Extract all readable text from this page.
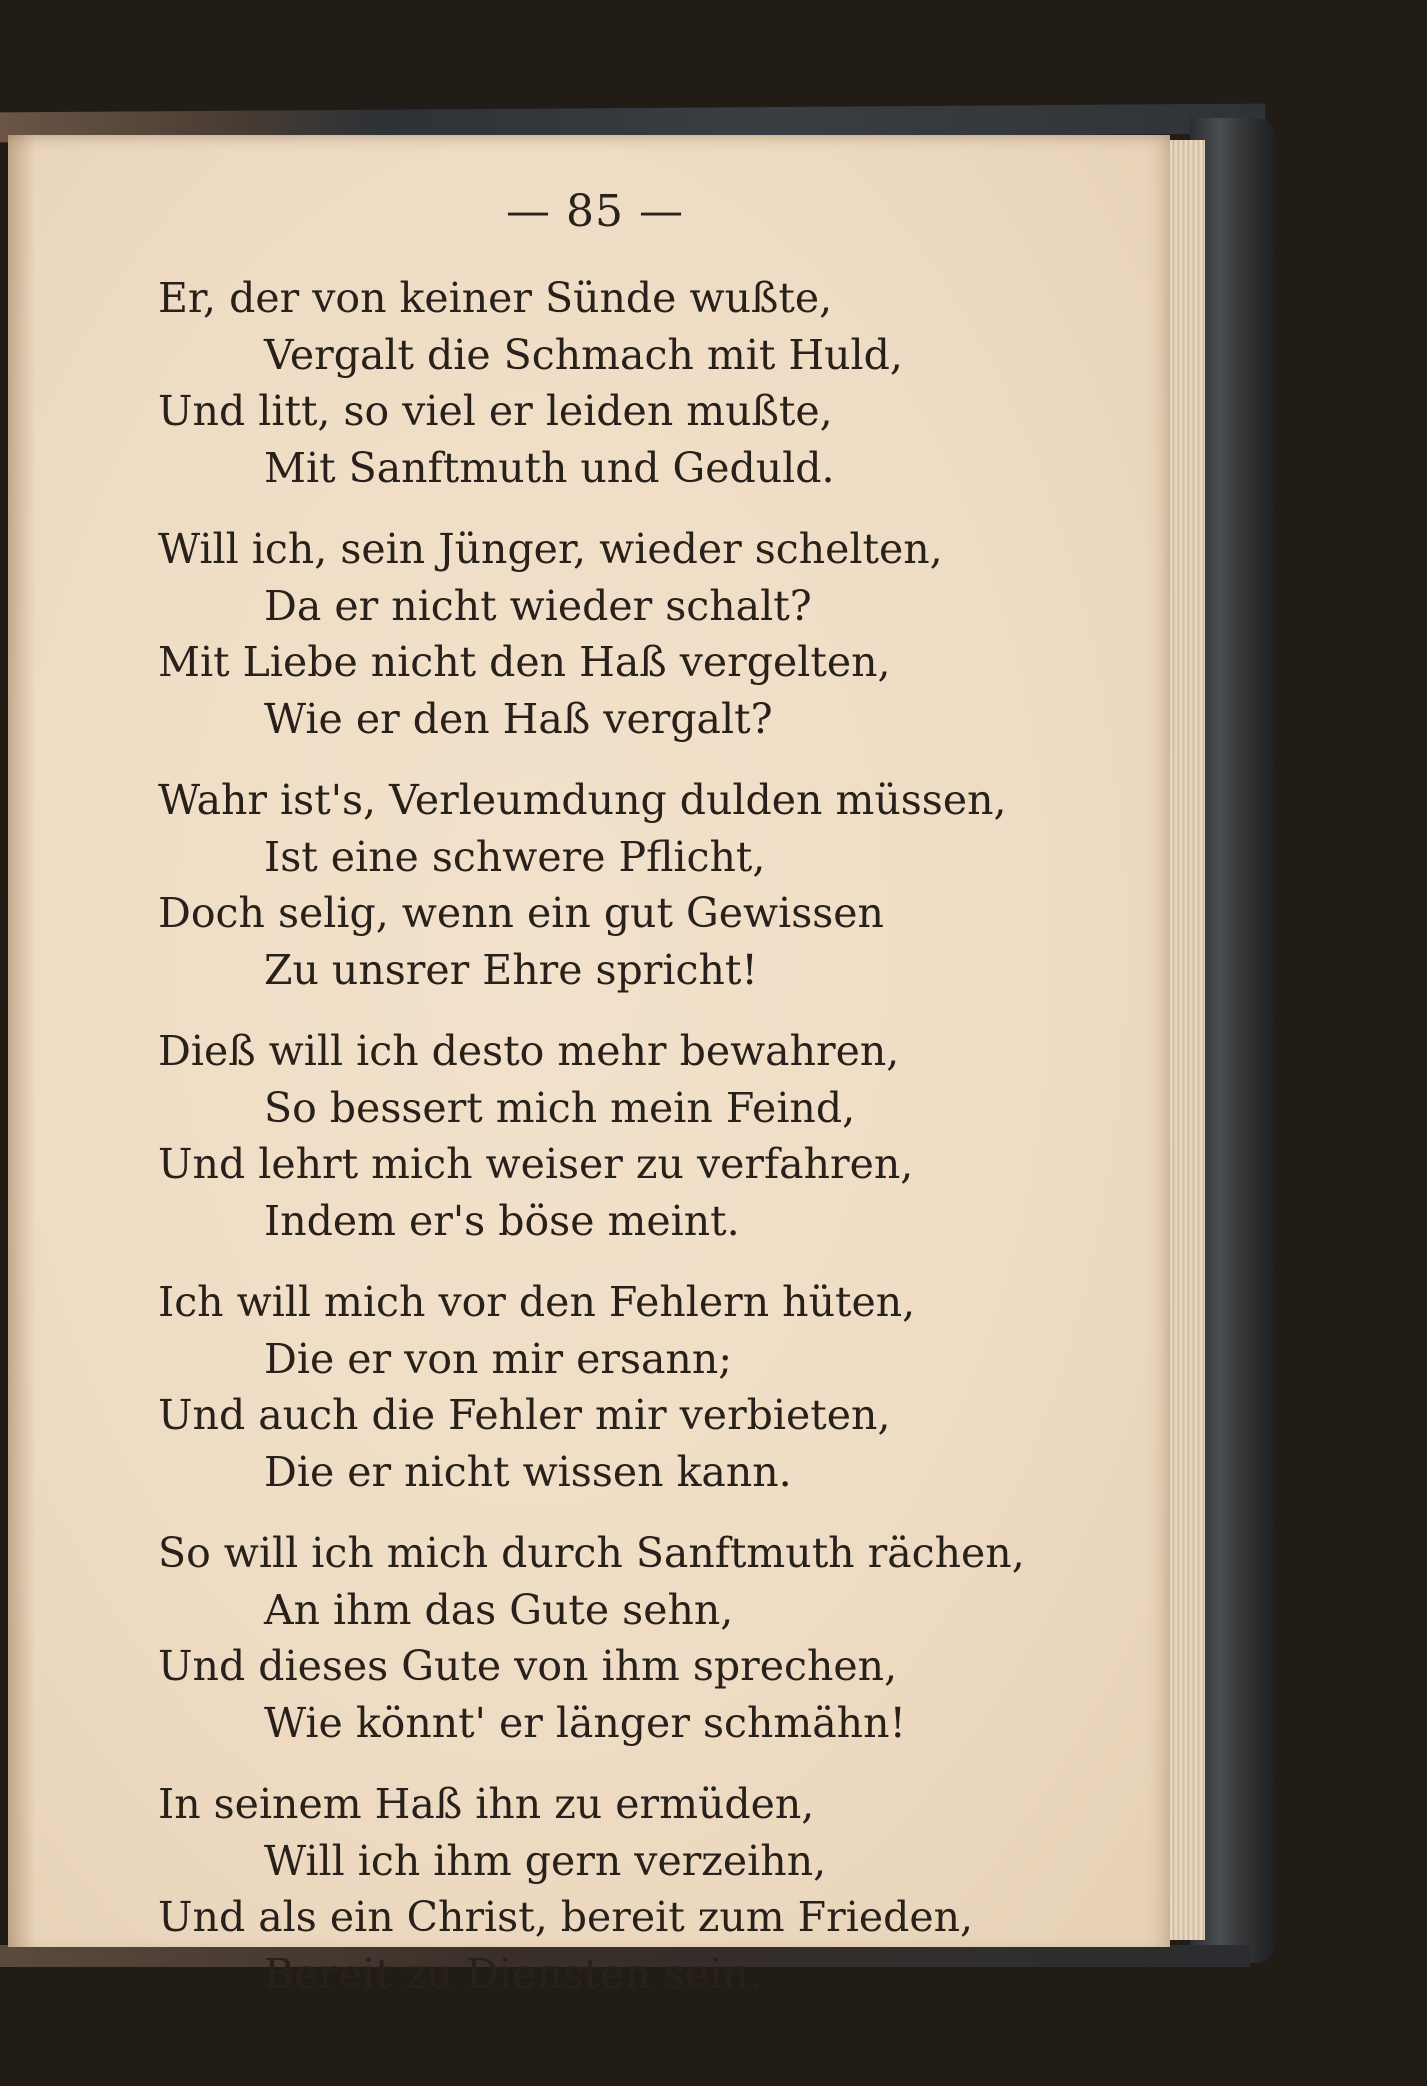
— 85 —
Er, der von keiner Sünde wußte,
Vergalt die Schmach mit Huld,
Und litt, so viel er leiden mußte,
Mit Sanftmuth und Geduld.
Will ich, sein Jünger, wieder schelten,
Da er nicht wieder schalt?
Mit Liebe nicht den Haß vergelten,
Wie er den Haß vergalt?
Wahr ist's, Verleumdung dulden müssen,
Ist eine schwere Pflicht,
Doch selig, wenn ein gut Gewissen
Zu unsrer Ehre spricht!
Dieß will ich desto mehr bewahren,
So bessert mich mein Feind,
Und lehrt mich weiser zu verfahren,
Indem er's böse meint.
Ich will mich vor den Fehlern hüten,
Die er von mir ersann;
Und auch die Fehler mir verbieten,
Die er nicht wissen kann.
So will ich mich durch Sanftmuth rächen,
An ihm das Gute sehn,
Und dieses Gute von ihm sprechen,
Wie könnt' er länger schmähn!
In seinem Haß ihn zu ermüden,
Will ich ihm gern verzeihn,
Und als ein Christ, bereit zum Frieden,
Bereit zu Diensten sein.
